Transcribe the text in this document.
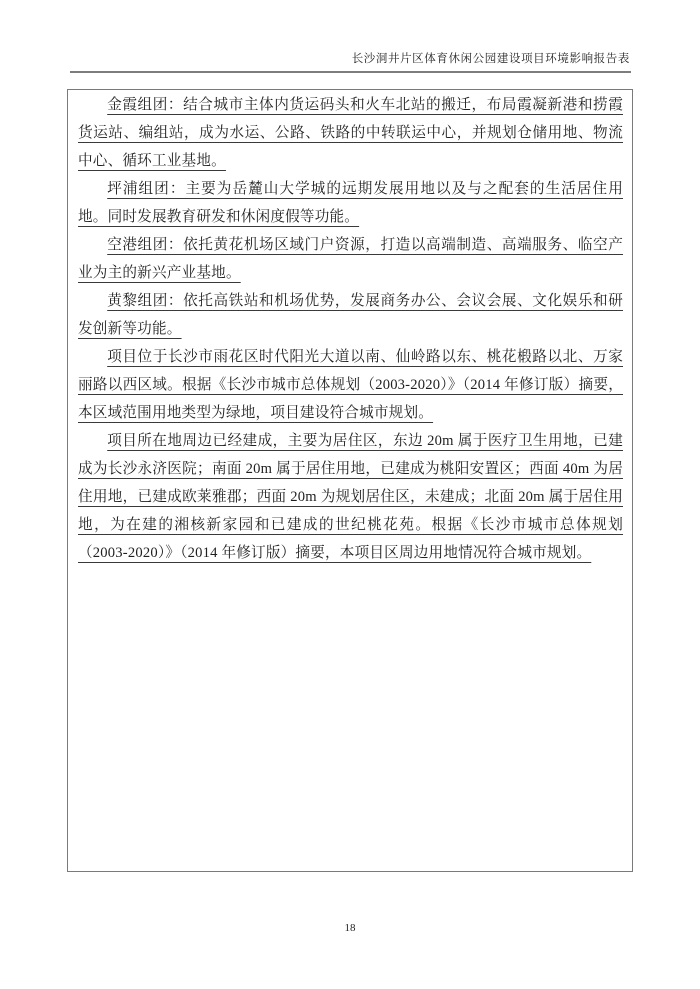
长沙洞井片区体育休闲公园建设项目环境影响报告表

金霞组团：结合城市主体内货运码头和火车北站的搬迁，布局霞凝新港和捞霞货运站、编组站，成为水运、公路、铁路的中转联运中心，并规划仓储用地、物流中心、循环工业基地。

坪浦组团：主要为岳麓山大学城的远期发展用地以及与之配套的生活居住用地。同时发展教育研发和休闲度假等功能。

空港组团：依托黄花机场区域门户资源，打造以高端制造、高端服务、临空产业为主的新兴产业基地。

黄黎组团：依托高铁站和机场优势，发展商务办公、会议会展、文化娱乐和研发创新等功能。

项目位于长沙市雨花区时代阳光大道以南、仙岭路以东、桃花椴路以北、万家丽路以西区域。根据《长沙市城市总体规划（2003-2020）》（2014 年修订版）摘要，本区域范围用地类型为绿地，项目建设符合城市规划。

项目所在地周边已经建成，主要为居住区，东边 20m 属于医疗卫生用地，已建成为长沙永济医院；南面 20m 属于居住用地，已建成为桃阳安置区；西面 40m 为居住用地，已建成欧莱雅郡；西面 20m 为规划居住区，未建成；北面 20m 属于居住用地，为在建的湘核新家园和已建成的世纪桃花苑。根据《长沙市城市总体规划（2003-2020）》（2014 年修订版）摘要，本项目区周边用地情况符合城市规划。

18
